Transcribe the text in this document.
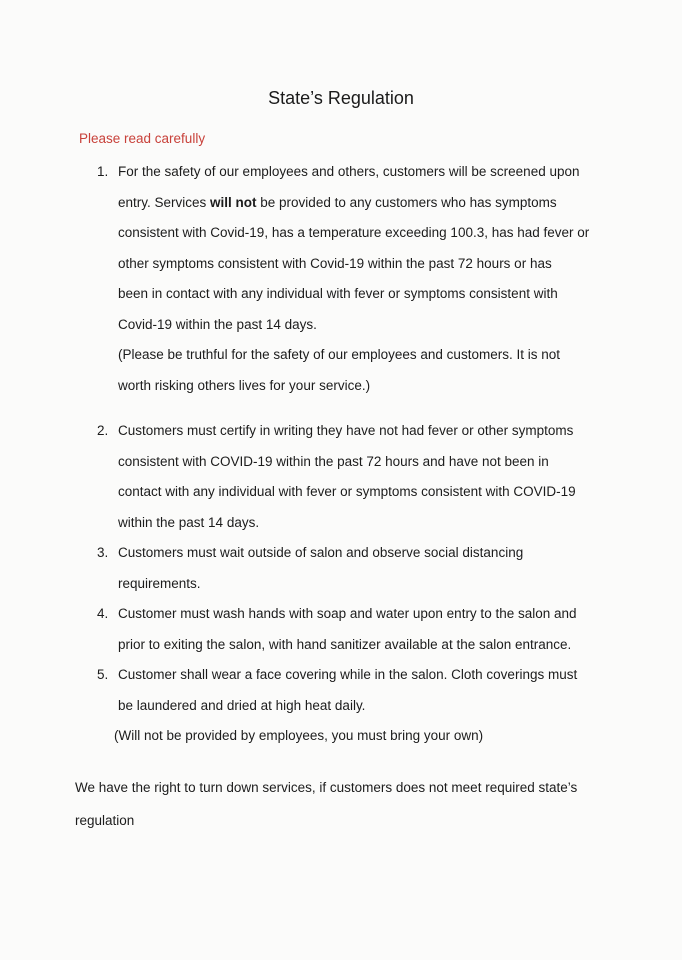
State’s Regulation
Please read carefully
1. For the safety of our employees and others, customers will be screened upon
entry. Services will not be provided to any customers who has symptoms
consistent with Covid-19, has a temperature exceeding 100.3, has had fever or
other symptoms consistent with Covid-19 within the past 72 hours or has
been in contact with any individual with fever or symptoms consistent with
Covid-19 within the past 14 days.
(Please be truthful for the safety of our employees and customers. It is not
worth risking others lives for your service.)
2. Customers must certify in writing they have not had fever or other symptoms
consistent with COVID-19 within the past 72 hours and have not been in
contact with any individual with fever or symptoms consistent with COVID-19
within the past 14 days.
3. Customers must wait outside of salon and observe social distancing
requirements.
4. Customer must wash hands with soap and water upon entry to the salon and
prior to exiting the salon, with hand sanitizer available at the salon entrance.
5. Customer shall wear a face covering while in the salon. Cloth coverings must
be laundered and dried at high heat daily.
(Will not be provided by employees, you must bring your own)
We have the right to turn down services, if customers does not meet required state’s
regulation
